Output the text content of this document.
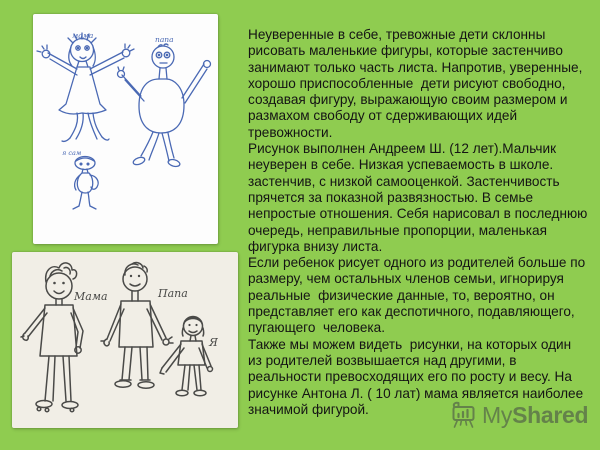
мама	папа
я сам
Мама	Папа
Я
Неуверенные в себе, тревожные дети склонны
рисовать маленькие фигуры, которые застенчиво
занимают только часть листа. Напротив, уверенные,
хорошо приспособленные  дети рисуют свободно,
создавая фигуру, выражающую своим размером и
размахом свободу от сдерживающих идей
тревожности.
Рисунок выполнен Андреем Ш. (12 лет).Мальчик
неуверен в себе. Низкая успеваемость в школе.
застенчив, с низкой самооценкой. Застенчивость
прячется за показной развязностью. В семье
непростые отношения. Себя нарисовал в последнюю
очередь, неправильные пропорции, маленькая
фигурка внизу листа.
Если ребенок рисует одного из родителей больше по
размеру, чем остальных членов семьи, игнорируя
реальные  физические данные, то, вероятно, он
представляет его как деспотичного, подавляющего,
пугающего  человека.
Также мы можем видеть  рисунки, на которых один
из родителей возвышается над другими, в
реальности превосходящих его по росту и весу. На
рисунке Антона Л. ( 10 лат) мама является наиболее
значимой фигурой.	MyShared
